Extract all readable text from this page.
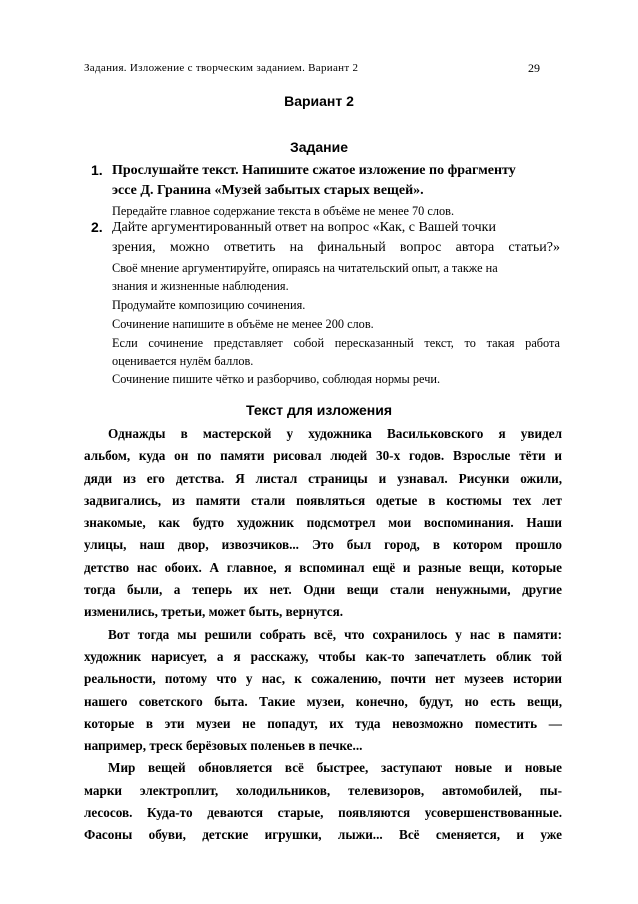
Задания. Изложение с творческим заданием. Вариант 2	29
Вариант 2
Задание
1. Прослушайте текст. Напишите сжатое изложение по фрагменту
эссе Д. Гранина «Музей забытых старых вещей».
Передайте главное содержание текста в объёме не менее 70 слов.
2. Дайте аргументированный ответ на вопрос «Как, с Вашей точки
зрения, можно ответить на финальный вопрос автора статьи?»
Своё мнение аргументируйте, опираясь на читательский опыт, а также на
знания и жизненные наблюдения.
Продумайте композицию сочинения.
Сочинение напишите в объёме не менее 200 слов.
Если сочинение представляет собой пересказанный текст, то такая работа
оценивается нулём баллов.
Сочинение пишите чётко и разборчиво, соблюдая нормы речи.
Текст для изложения
Однажды в мастерской у художника Васильковского я увидел
альбом, куда он по памяти рисовал людей 30-х годов. Взрослые тёти и
дяди из его детства. Я листал страницы и узнавал. Рисунки ожили,
задвигались, из памяти стали появляться одетые в костюмы тех лет
знакомые, как будто художник подсмотрел мои воспоминания. Наши
улицы, наш двор, извозчиков... Это был город, в котором прошло
детство нас обоих. А главное, я вспоминал ещё и разные вещи, которые
тогда были, а теперь их нет. Одни вещи стали ненужными, другие
изменились, третьи, может быть, вернутся.
Вот тогда мы решили собрать всё, что сохранилось у нас в памяти:
художник нарисует, а я расскажу, чтобы как-то запечатлеть облик той
реальности, потому что у нас, к сожалению, почти нет музеев истории
нашего советского быта. Такие музеи, конечно, будут, но есть вещи,
которые в эти музеи не попадут, их туда невозможно поместить —
например, треск берёзовых поленьев в печке...
Мир вещей обновляется всё быстрее, заступают новые и новые
марки электроплит, холодильников, телевизоров, автомобилей, пы-
лесосов. Куда-то деваются старые, появляются усовершенствованные.
Фасоны обуви, детские игрушки, лыжи... Всё сменяется, и уже
